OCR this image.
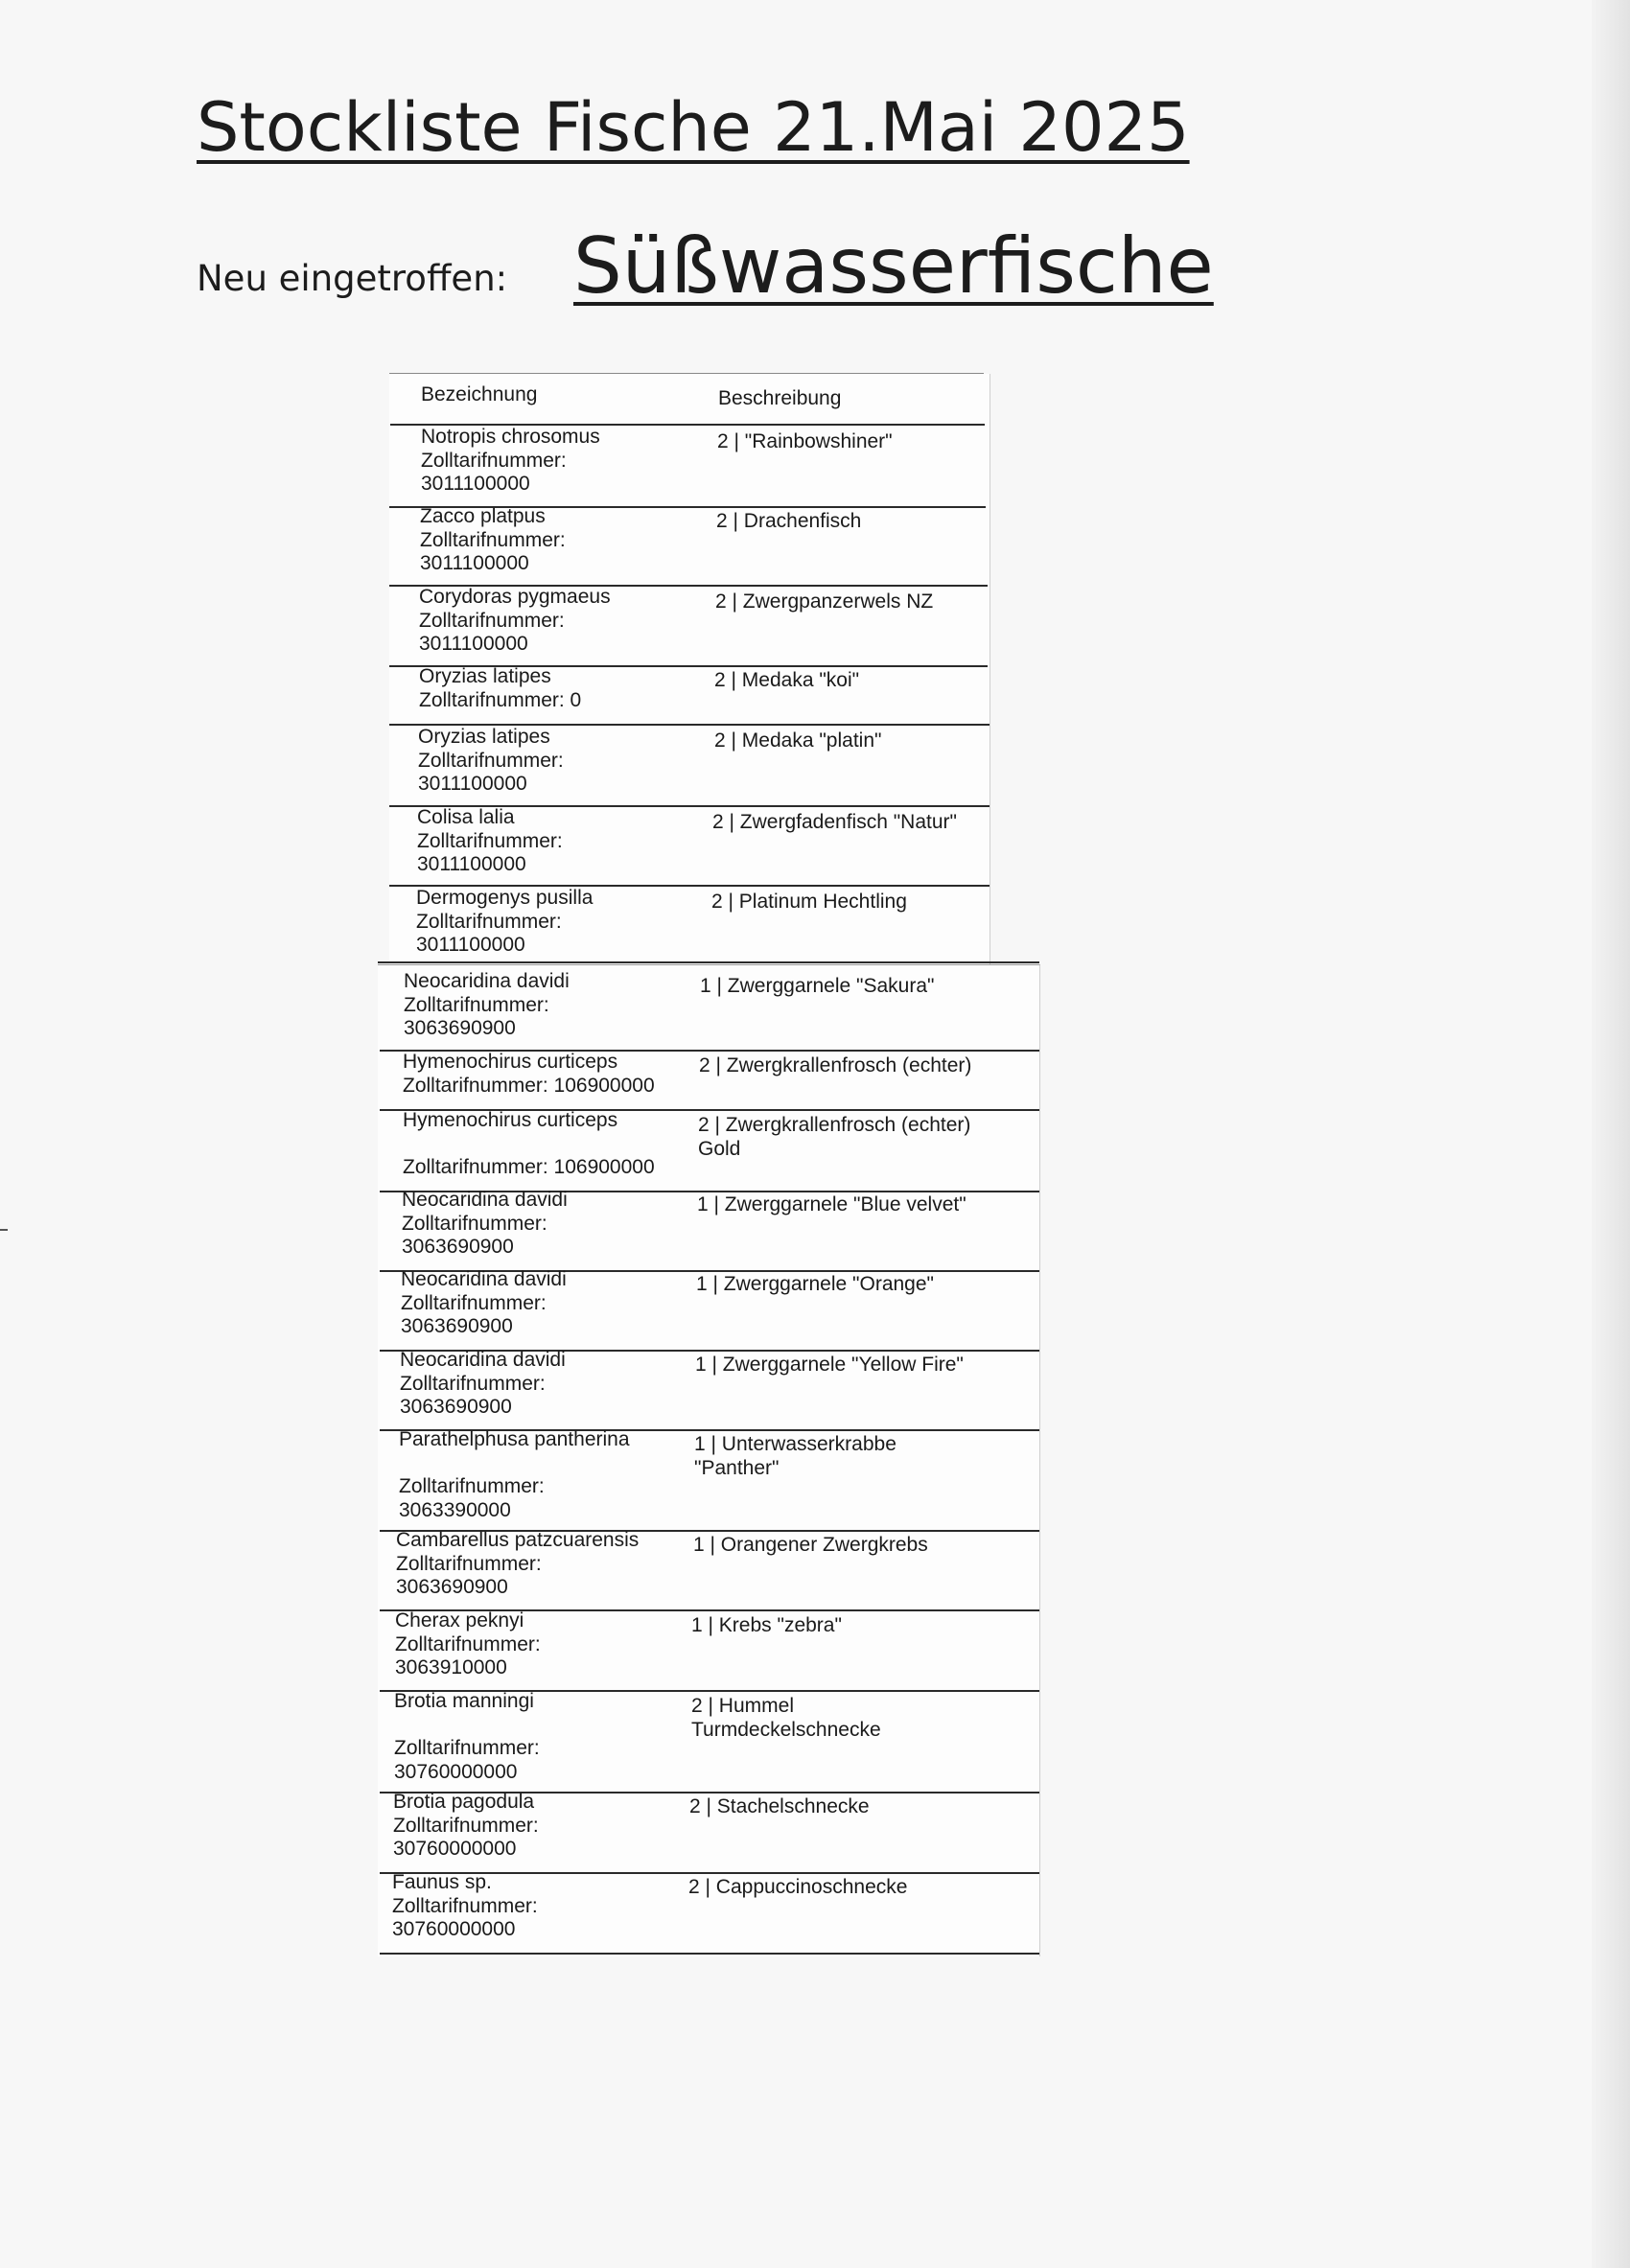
Stockliste Fische 21.Mai 2025
Neu eingetroffen: Süßwasserfische
Bezeichnung	Beschreibung
Notropis chrosomus
Zolltarifnummer:
3011100000
2 | "Rainbowshiner"
Zacco platpus
Zolltarifnummer:
3011100000
2 | Drachenfisch
Corydoras pygmaeus
Zolltarifnummer:
3011100000
2 | Zwergpanzerwels NZ
Oryzias latipes
Zolltarifnummer: 0
2 | Medaka "koi"
Oryzias latipes
Zolltarifnummer:
3011100000
2 | Medaka "platin"
Colisa lalia
Zolltarifnummer:
3011100000
2 | Zwergfadenfisch "Natur"
Dermogenys pusilla
Zolltarifnummer:
3011100000
2 | Platinum Hechtling
Neocaridina davidi
Zolltarifnummer:
3063690900
1 | Zwerggarnele "Sakura"
Hymenochirus curticeps
Zolltarifnummer: 106900000
2 | Zwergkrallenfrosch (echter)
Hymenochirus curticeps

Zolltarifnummer: 106900000
2 | Zwergkrallenfrosch (echter)
Gold
Neocaridina davidi
Zolltarifnummer:
3063690900
1 | Zwerggarnele "Blue velvet"
Neocaridina davidi
Zolltarifnummer:
3063690900
1 | Zwerggarnele "Orange"
Neocaridina davidi
Zolltarifnummer:
3063690900
1 | Zwerggarnele "Yellow Fire"
Parathelphusa pantherina

Zolltarifnummer:
3063390000
1 | Unterwasserkrabbe
"Panther"
Cambarellus patzcuarensis
Zolltarifnummer:
3063690900
1 | Orangener Zwergkrebs
Cherax peknyi
Zolltarifnummer:
3063910000
1 | Krebs "zebra"
Brotia manningi

Zolltarifnummer:
30760000000
2 | Hummel
Turmdeckelschnecke
Brotia pagodula
Zolltarifnummer:
30760000000
2 | Stachelschnecke
Faunus sp.
Zolltarifnummer:
30760000000
2 | Cappuccinoschnecke
